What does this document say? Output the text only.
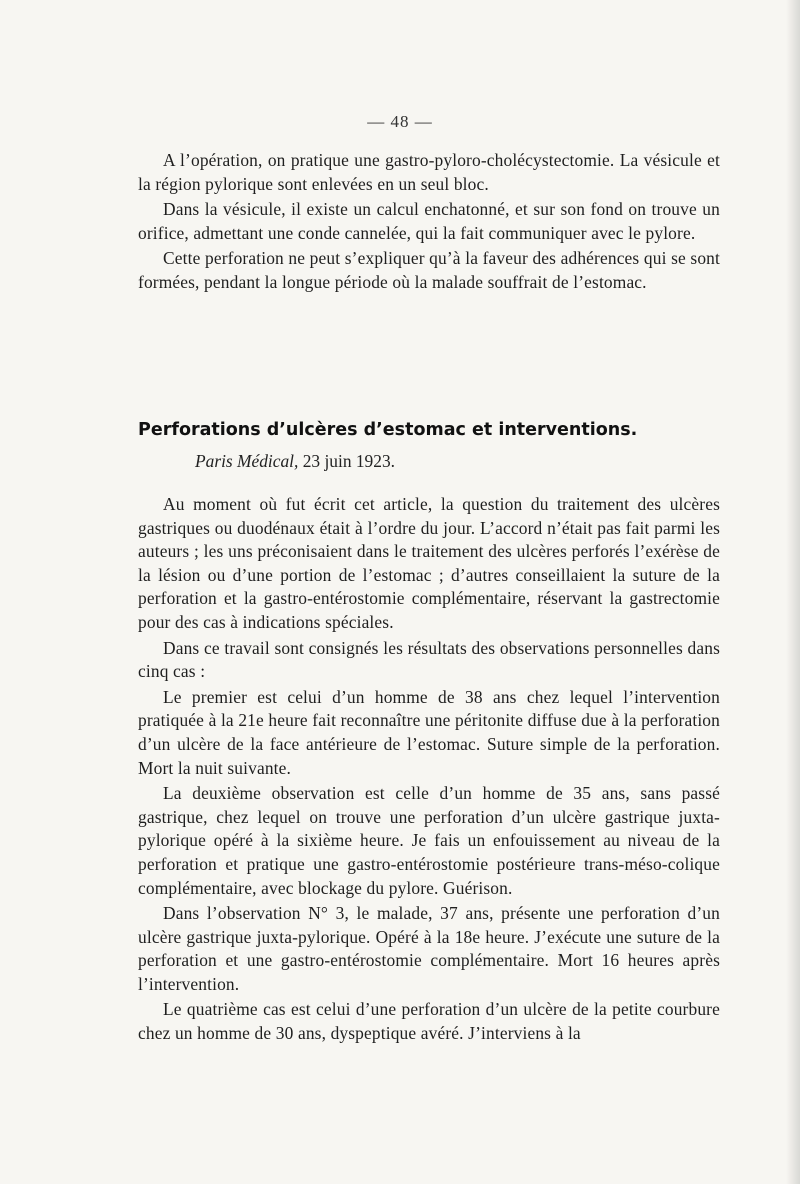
— 48 —

A l’opération, on pratique une gastro-pyloro-cholécystectomie. La vésicule et la région pylorique sont enlevées en un seul bloc.

Dans la vésicule, il existe un calcul enchatonné, et sur son fond on trouve un orifice, admettant une conde cannelée, qui la fait communiquer avec le pylore.

Cette perforation ne peut s’expliquer qu’à la faveur des adhérences qui se sont formées, pendant la longue période où la malade souffrait de l’estomac.

Perforations d’ulcères d’estomac et interventions.
Paris Médical, 23 juin 1923.

Au moment où fut écrit cet article, la question du traitement des ulcères gastriques ou duodénaux était à l’ordre du jour. L’accord n’était pas fait parmi les auteurs ; les uns préconisaient dans le traitement des ulcères perforés l’exérèse de la lésion ou d’une portion de l’estomac ; d’autres conseillaient la suture de la perforation et la gastro-entérostomie complémentaire, réservant la gastrectomie pour des cas à indications spéciales.

Dans ce travail sont consignés les résultats des observations personnelles dans cinq cas :

Le premier est celui d’un homme de 38 ans chez lequel l’intervention pratiquée à la 21e heure fait reconnaître une péritonite diffuse due à la perforation d’un ulcère de la face antérieure de l’estomac. Suture simple de la perforation. Mort la nuit suivante.

La deuxième observation est celle d’un homme de 35 ans, sans passé gastrique, chez lequel on trouve une perforation d’un ulcère gastrique juxta-pylorique opéré à la sixième heure. Je fais un enfouissement au niveau de la perforation et pratique une gastro-entérostomie postérieure trans-méso-colique complémentaire, avec blockage du pylore. Guérison.

Dans l’observation N° 3, le malade, 37 ans, présente une perforation d’un ulcère gastrique juxta-pylorique. Opéré à la 18e heure. J’exécute une suture de la perforation et une gastro-entérostomie complémentaire. Mort 16 heures après l’intervention.

Le quatrième cas est celui d’une perforation d’un ulcère de la petite courbure chez un homme de 30 ans, dyspeptique avéré. J’interviens à la
